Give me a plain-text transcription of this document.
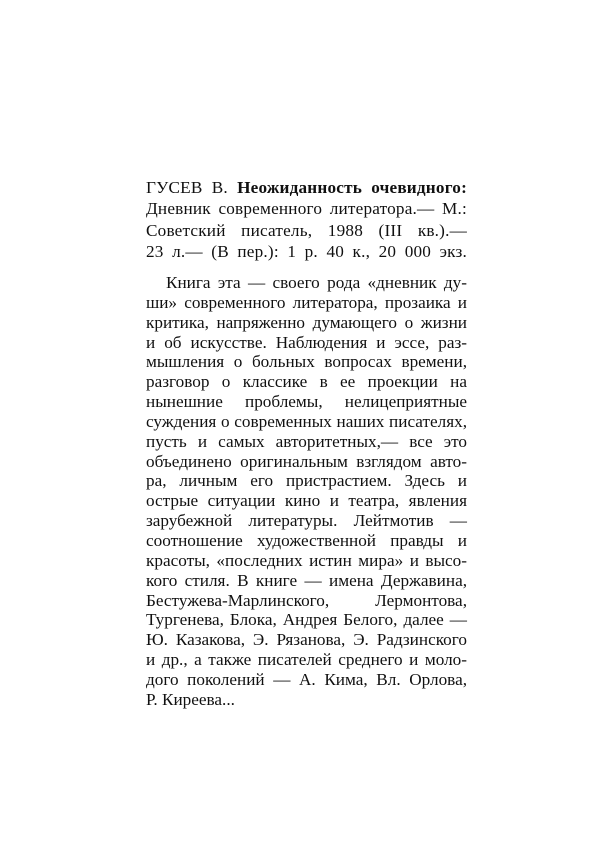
ГУСЕВ В. Неожиданность очевидного:
Дневник современного литератора.— М.:
Советский писатель, 1988 (III кв.).—
23 л.— (В пер.): 1 р. 40 к., 20 000 экз.
Книга эта — своего рода «дневник ду-
ши» современного литератора, прозаика и
критика, напряженно думающего о жизни
и об искусстве. Наблюдения и эссе, раз-
мышления о больных вопросах времени,
разговор о классике в ее проекции на
нынешние проблемы, нелицеприятные
суждения о современных наших писателях,
пусть и самых авторитетных,— все это
объединено оригинальным взглядом авто-
ра, личным его пристрастием. Здесь и
острые ситуации кино и театра, явления
зарубежной литературы. Лейтмотив —
соотношение художественной правды и
красоты, «последних истин мира» и высо-
кого стиля. В книге — имена Державина,
Бестужева-Марлинского, Лермонтова,
Тургенева, Блока, Андрея Белого, далее —
Ю. Казакова, Э. Рязанова, Э. Радзинского
и др., а также писателей среднего и моло-
дого поколений — А. Кима, Вл. Орлова,
Р. Киреева...
